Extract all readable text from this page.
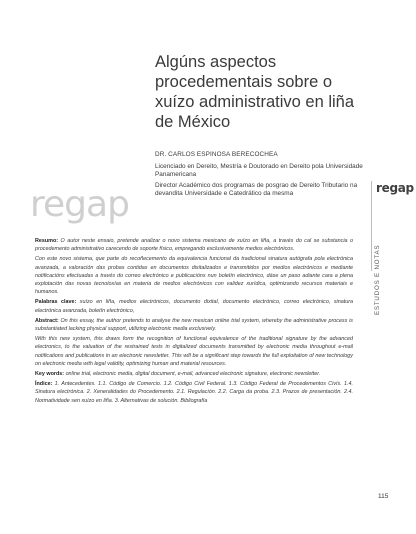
Algúns aspectos
procedementais sobre o
xuízo administrativo en liña
de México
DR. CARLOS ESPINOSA BERECOCHEA
Licenciado en Dereito, Mestría e Doutorado en Dereito pola Universidade Panamericana
Director Académico dos programas de posgrao de Dereito Tributario na devandita Universidade e Catedrático da mesma
regap	regap
ESTUDOS E NOTAS

Resumo: O autor neste ensaio, pretende analizar o novo sistema mexicano de xuízo en liña, a través do cal se substancia o procedemento administrativo carecendo de soporte físico, empregando exclusivamente medios electrónicos.

Con este novo sistema, que parte do recoñecemento da equivalencia funcional da tradicional sinatura autógrafa pola electrónica avanzada, a valoración das probas contidas en documentos dixitalizados e transmitidos por medios electrónicos e mediante notificacións efectuadas a través do correo electrónico e publicacións nun boletín electrónico, dáse un paso adiante cara a plena explotación das novas tecnoloxías en materia de medios electrónicos con validez xurídica, optimizando recursos materiais e humanos.

Palabras clave: xuízo en liña, medios electrónicos, documento dixital, documento electrónico, correo electrónico, sinatura electrónica avanzada, boletín electrónico,

Abstract: On this essay, the author pretends to analyse the new mexican online trial system, whereby the administrative process is substantiated lacking physical support, utilizing electronic media exclusively.

With this new system, this draws form the recognition of functional equivalence of the traditional signature by the advanced electronics, to the valuation of the restrained tests in digitalized documents transmitted by electronic media throughout e-mail notifications and publications in an electronic newsletter. This will be a significant step towards the full exploitation of new technology on electronic media with legal validity, optimizing human and material resources.

Key words: online trial, electronic media, digital document, e-mail, advanced electronic signature, electronic newsletter.

Índice: 1. Antecedentes. 1.1. Código de Comercio. 1.2. Código Civil Federal. 1.3. Código Federal de Procedementos Civís. 1.4. Sinatura electrónica. 2. Xeneralidades do Procedemento. 2.1. Regulación. 2.2. Carga da proba. 2.3. Prazos de presentación. 2.4. Normatividade sen xuízo en liña. 3. Alternativas de solución. Bibliografía

115
